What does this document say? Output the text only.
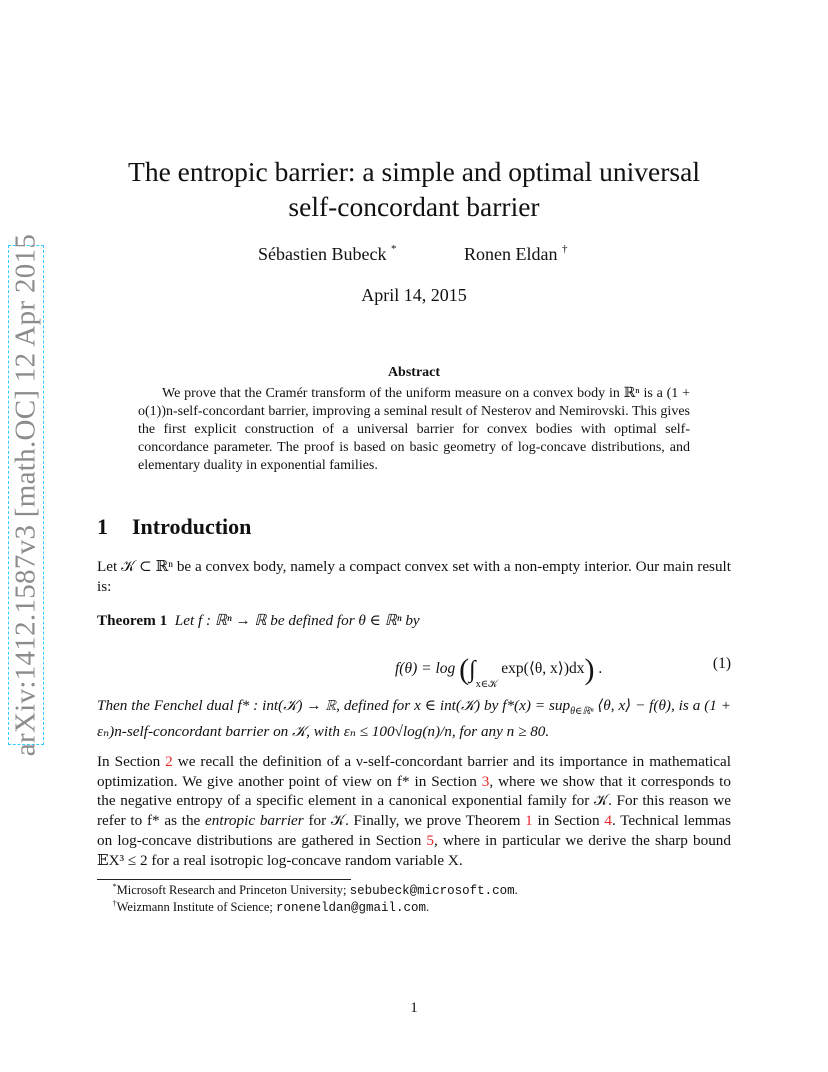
arXiv:1412.1587v3 [math.OC] 12 Apr 2015
The entropic barrier: a simple and optimal universal
self-concordant barrier
Sébastien Bubeck *	Ronen Eldan †
April 14, 2015
Abstract
We prove that the Cramér transform of the uniform measure on a convex body in ℝⁿ is a (1 + o(1))n-self-concordant barrier, improving a seminal result of Nesterov and Nemirovski. This gives the first explicit construction of a universal barrier for convex bodies with optimal self-concordance parameter. The proof is based on basic geometry of log-concave distributions, and elementary duality in exponential families.
1 Introduction
Let 𝒦 ⊂ ℝⁿ be a convex body, namely a compact convex set with a non-empty interior. Our main result is:
Theorem 1 Let f : ℝⁿ → ℝ be defined for θ ∈ ℝⁿ by
$f(\theta) = \log (\int_{x\in 𝒦}$ exp(⟨θ, x⟩)dx) .	(1)
Then the Fenchel dual f* : int(𝒦) → ℝ, defined for x ∈ int(𝒦) by f*(x) = sup$_{\theta\in ℝ^n}$ ⟨θ, x⟩ − f(θ), is a (1 + εₙ)n-self-concordant barrier on 𝒦, with εₙ ≤ 100√log(n)/n, for any n ≥ 80.
In Section 2 we recall the definition of a ν-self-concordant barrier and its importance in mathematical optimization. We give another point of view on f* in Section 3, where we show that it corresponds to the negative entropy of a specific element in a canonical exponential family for 𝒦. For this reason we refer to f* as the entropic barrier for 𝒦. Finally, we prove Theorem 1 in Section 4. Technical lemmas on log-concave distributions are gathered in Section 5, where in particular we derive the sharp bound 𝔼X³ ≤ 2 for a real isotropic log-concave random variable X.
*Microsoft Research and Princeton University; sebubeck@microsoft.com.
†Weizmann Institute of Science; roneneldan@gmail.com.
1
